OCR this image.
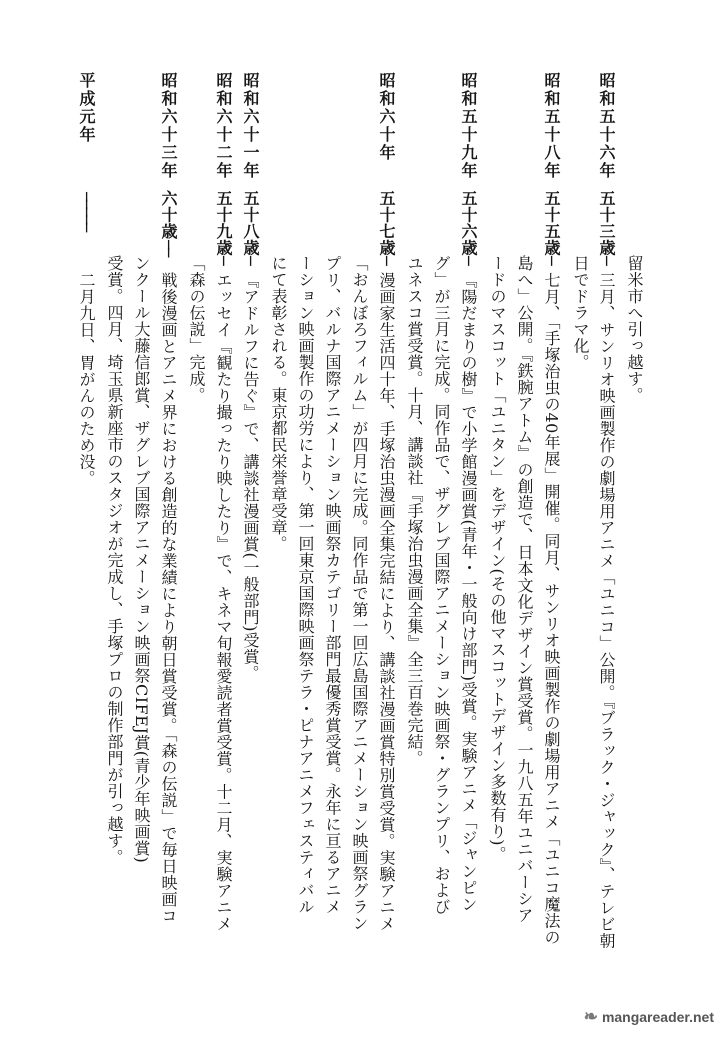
留米市へ引っ越す。
昭和五十六年
五十三歳
─
三月、サンリオ映画製作の劇場用アニメ「ユニコ」公開。『ブラック・ジャック』、テレビ朝
日でドラマ化。
昭和五十八年
五十五歳
─
七月、「手塚治虫の40年展」開催。同月、サンリオ映画製作の劇場用アニメ「ユニコ魔法の
島へ」公開。『鉄腕アトム』の創造で、日本文化デザイン賞受賞。一九八五年ユニバーシア
ードのマスコット「ユニタン」をデザイン(その他マスコットデザイン多数有り)。
昭和五十九年
五十六歳
─
『陽だまりの樹』で小学館漫画賞(青年・一般向け部門)受賞。実験アニメ「ジャンピン
グ」が三月に完成。同作品で、ザグレブ国際アニメーション映画祭・グランプリ、および
ユネスコ賞受賞。十月、講談社『手塚治虫漫画全集』全三百巻完結。
昭和六十年
五十七歳
─
漫画家生活四十年、手塚治虫漫画全集完結により、講談社漫画賞特別賞受賞。実験アニメ
「おんぼろフィルム」が四月に完成。同作品で第一回広島国際アニメーション映画祭グラン
プリ、バルナ国際アニメーション映画祭カテゴリー部門最優秀賞受賞。永年に亘るアニメ
ーション映画製作の功労により、第一回東京国際映画祭テラ・ピナアニメフェスティバル
にて表彰される。東京都民栄誉章受章。
昭和六十一年
五十八歳
─
『アドルフに告ぐ』で、講談社漫画賞(一般部門)受賞。
昭和六十二年
五十九歳
─
エッセイ『観たり撮ったり映したり』で、キネマ旬報愛読者賞受賞。十二月、実験アニメ
「森の伝説」完成。
昭和六十三年
六十歳
──
戦後漫画とアニメ界における創造的な業績により朝日賞受賞。「森の伝説」で毎日映画コ
ンクール大藤信郎賞、ザグレブ国際アニメーション映画祭CIFEJ賞(青少年映画賞)
受賞。四月、埼玉県新座市のスタジオが完成し、手塚プロの制作部門が引っ越す。
平成元年
─────
二月九日、胃がんのため没。
❧ mangareader.net
